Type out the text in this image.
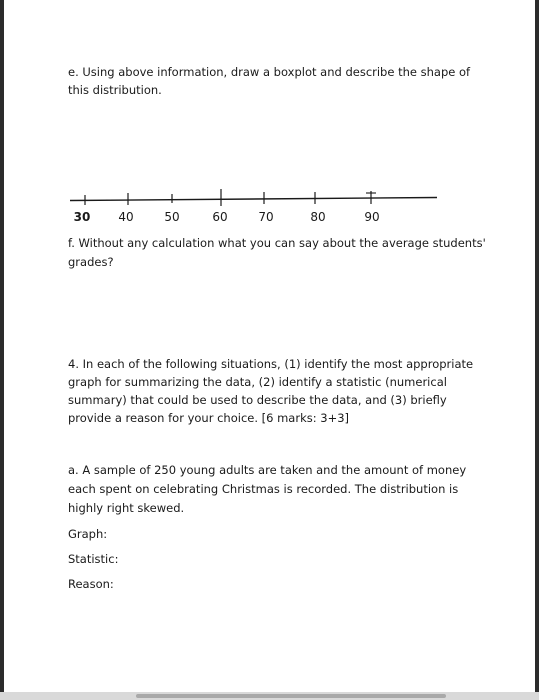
e. Using above information, draw a boxplot and describe the shape of
this distribution.
30 40	50	60	70	80	90
f. Without any calculation what you can say about the average students'
grades?
4. In each of the following situations, (1) identify the most appropriate
graph for summarizing the data, (2) identify a statistic (numerical
summary) that could be used to describe the data, and (3) briefly
provide a reason for your choice. [6 marks: 3+3]
a. A sample of 250 young adults are taken and the amount of money
each spent on celebrating Christmas is recorded. The distribution is
highly right skewed.
Graph:
Statistic:
Reason:
